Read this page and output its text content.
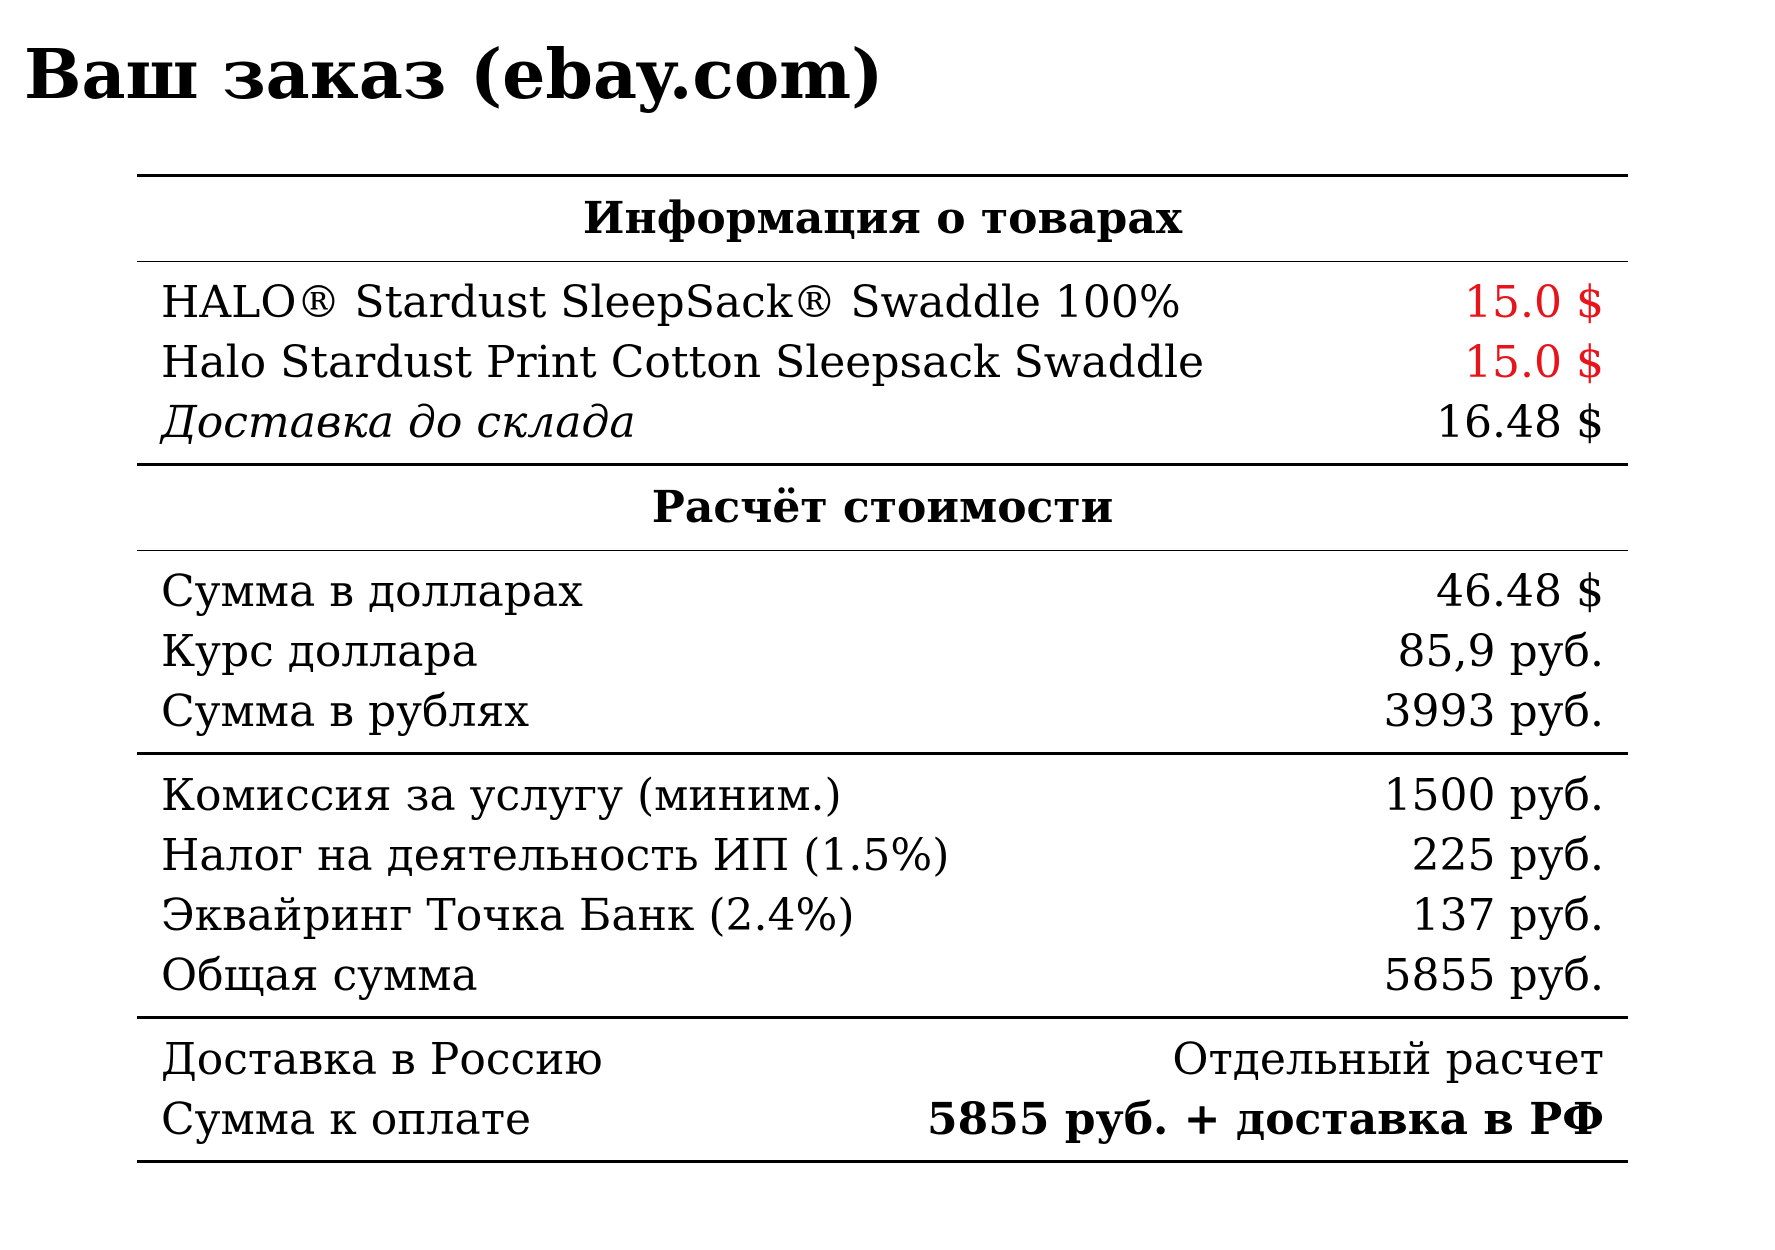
Ваш заказ (ebay.com)
Информация о товарах
HALO® Stardust SleepSack® Swaddle 100%	15.0 $
Halo Stardust Print Cotton Sleepsack Swaddle	15.0 $
Доставка до склада	16.48 $
Расчёт стоимости
Сумма в долларах	46.48 $
Курс доллара	85,9 руб.
Сумма в рублях	3993 руб.
Комиссия за услугу (миним.)	1500 руб.
Налог на деятельность ИП (1.5%)	225 руб.
Эквайринг Точка Банк (2.4%)	137 руб.
Общая сумма	5855 руб.
Доставка в Россию	Отдельный расчет
Сумма к оплате	5855 руб. + доставка в РФ
